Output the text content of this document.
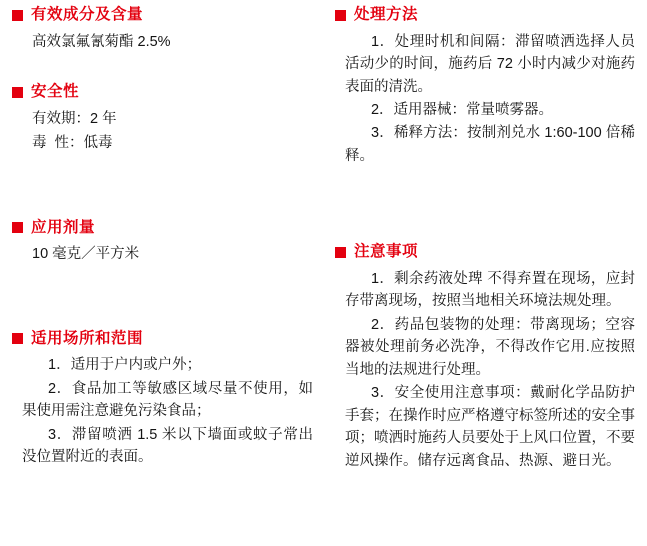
有效成分及含量

高效氯氟氰菊酯 2.5%

安全性

有效期：2 年

毒  性：低毒

应用剂量

10 毫克／平方米

适用场所和范围

1．适用于户内或户外；

2．食品加工等敏感区域尽量不使用，如果使用需注意避免污染食品；

3．滞留喷洒 1.5 米以下墙面或蚊子常出没位置附近的表面。

处理方法

1．处理时机和间隔：滞留喷洒选择人员活动少的时间，施药后 72 小时内减少对施药表面的清洗。

2．适用器械：常量喷雾器。

3．稀释方法：按制剂兑水 1:60-100 倍稀释。

注意事项

1．剩余药液处琕 不得弃置在现场，应封存带离现场，按照当地相关环境法规处理。

2．药品包装物的处理：带离现场；空容器被处理前务必洗净，不得改作它用.应按照当地的法规进行处理。

3．安全使用注意事项：戴耐化学品防护手套；在操作时应严格遵守标签所述的安全事项；喷洒时施药人员要处于上风口位置，不要逆风操作。储存远离食品、热源、避日光。
